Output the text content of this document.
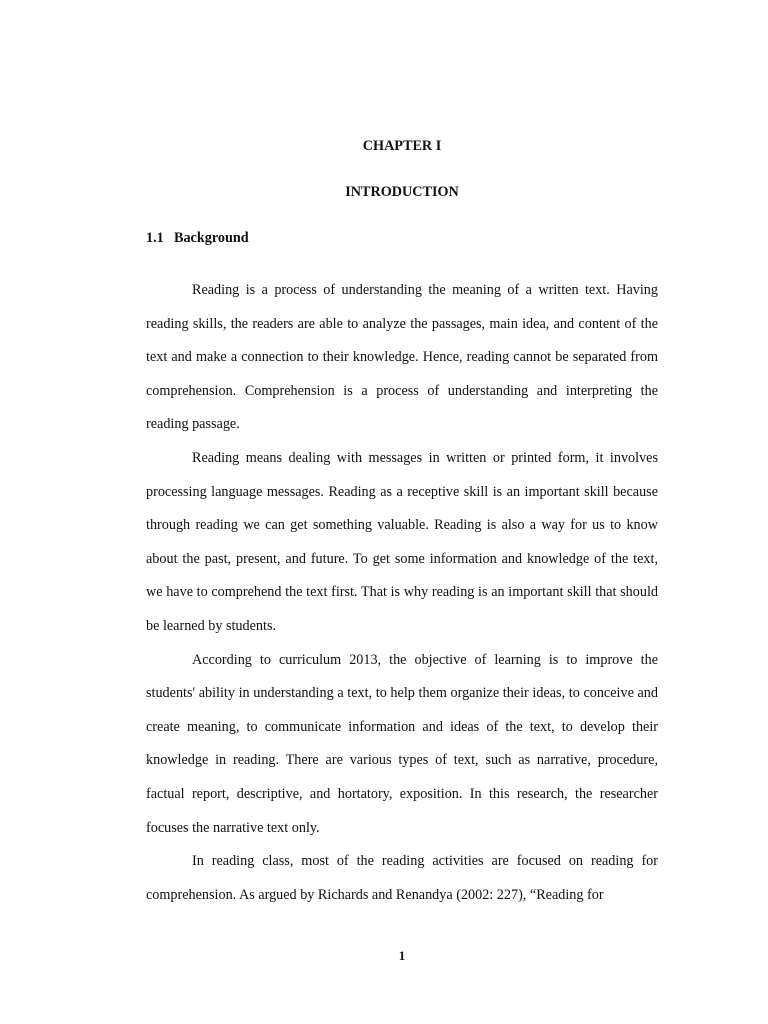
CHAPTER I
INTRODUCTION
1.1 Background

Reading is a process of understanding the meaning of a written text. Having reading skills, the readers are able to analyze the passages, main idea, and content of the text and make a connection to their knowledge. Hence, reading cannot be separated from comprehension. Comprehension is a process of understanding and interpreting the reading passage.

Reading means dealing with messages in written or printed form, it involves processing language messages. Reading as a receptive skill is an important skill because through reading we can get something valuable. Reading is also a way for us to know about the past, present, and future. To get some information and knowledge of the text, we have to comprehend the text first. That is why reading is an important skill that should be learned by students.

According to curriculum 2013, the objective of learning is to improve the students' ability in understanding a text, to help them organize their ideas, to conceive and create meaning, to communicate information and ideas of the text, to develop their knowledge in reading. There are various types of text, such as narrative, procedure, factual report, descriptive, and hortatory, exposition. In this research, the researcher focuses the narrative text only.

In reading class, most of the reading activities are focused on reading for comprehension. As argued by Richards and Renandya (2002: 227), “Reading for

1
